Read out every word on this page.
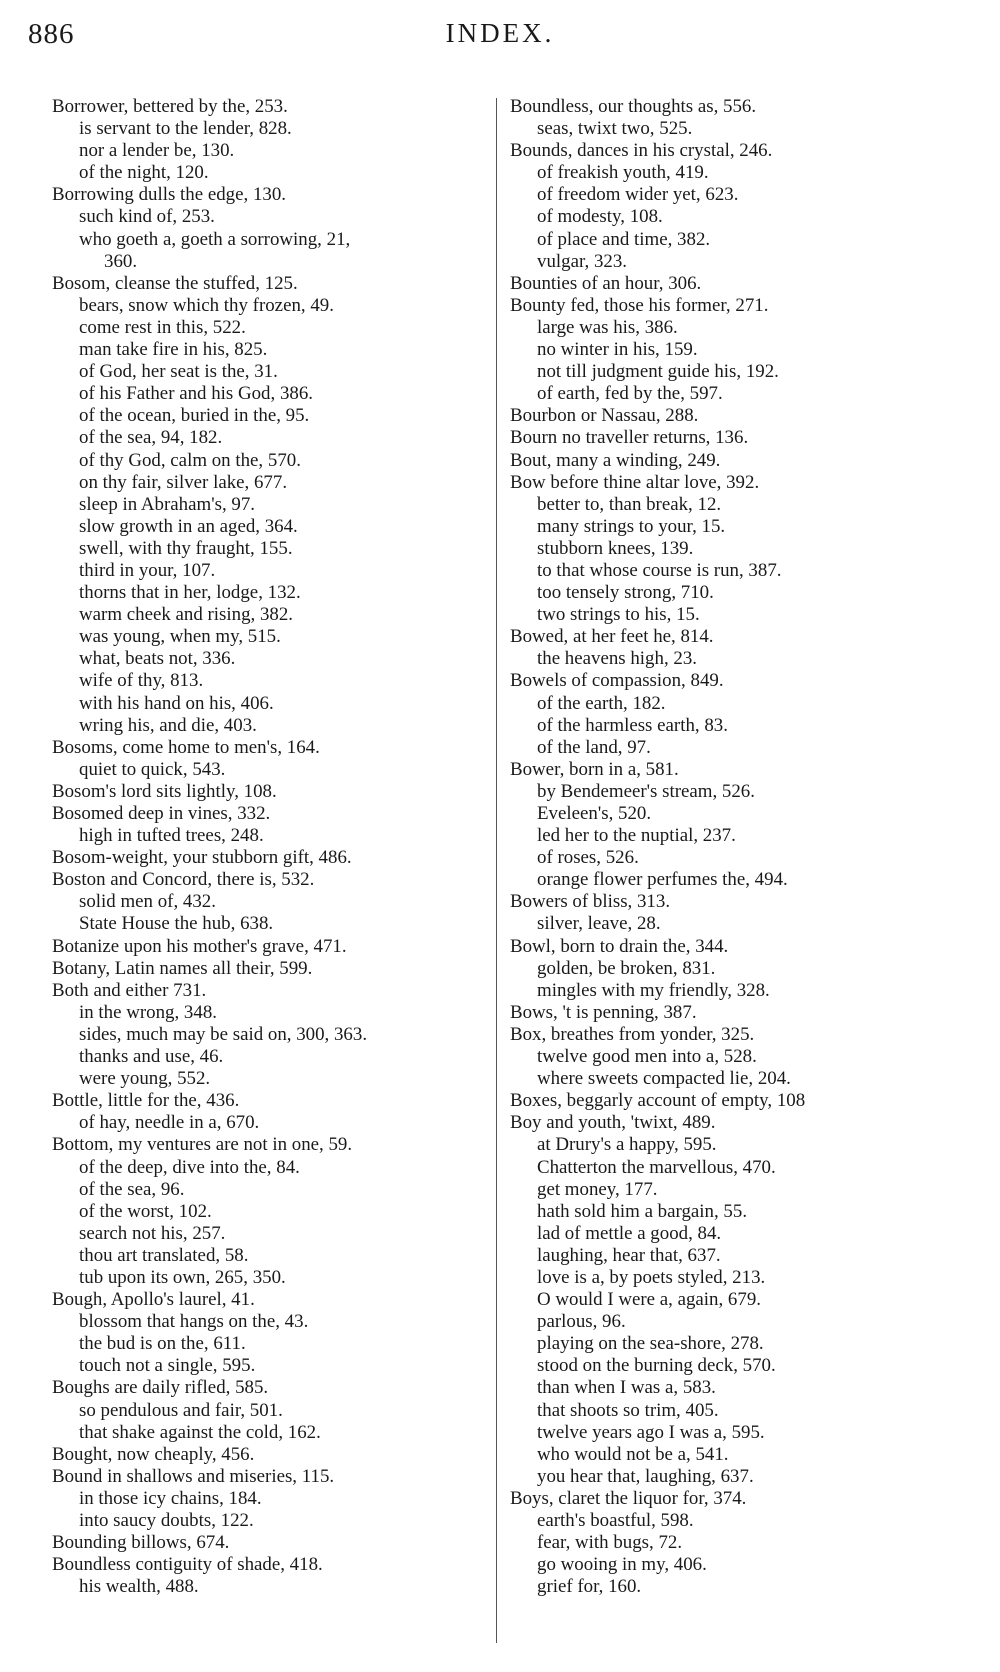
886	INDEX.
Borrower, bettered by the, 253.
is servant to the lender, 828.
nor a lender be, 130.
of the night, 120.
Borrowing dulls the edge, 130.
such kind of, 253.
who goeth a, goeth a sorrowing, 21,
360.
Bosom, cleanse the stuffed, 125.
bears, snow which thy frozen, 49.
come rest in this, 522.
man take fire in his, 825.
of God, her seat is the, 31.
of his Father and his God, 386.
of the ocean, buried in the, 95.
of the sea, 94, 182.
of thy God, calm on the, 570.
on thy fair, silver lake, 677.
sleep in Abraham's, 97.
slow growth in an aged, 364.
swell, with thy fraught, 155.
third in your, 107.
thorns that in her, lodge, 132.
warm cheek and rising, 382.
was young, when my, 515.
what, beats not, 336.
wife of thy, 813.
with his hand on his, 406.
wring his, and die, 403.
Bosoms, come home to men's, 164.
quiet to quick, 543.
Bosom's lord sits lightly, 108.
Bosomed deep in vines, 332.
high in tufted trees, 248.
Bosom-weight, your stubborn gift, 486.
Boston and Concord, there is, 532.
solid men of, 432.
State House the hub, 638.
Botanize upon his mother's grave, 471.
Botany, Latin names all their, 599.
Both and either 731.
in the wrong, 348.
sides, much may be said on, 300, 363.
thanks and use, 46.
were young, 552.
Bottle, little for the, 436.
of hay, needle in a, 670.
Bottom, my ventures are not in one, 59.
of the deep, dive into the, 84.
of the sea, 96.
of the worst, 102.
search not his, 257.
thou art translated, 58.
tub upon its own, 265, 350.
Bough, Apollo's laurel, 41.
blossom that hangs on the, 43.
the bud is on the, 611.
touch not a single, 595.
Boughs are daily rifled, 585.
so pendulous and fair, 501.
that shake against the cold, 162.
Bought, now cheaply, 456.
Bound in shallows and miseries, 115.
in those icy chains, 184.
into saucy doubts, 122.
Bounding billows, 674.
Boundless contiguity of shade, 418.
his wealth, 488.
Boundless, our thoughts as, 556.
seas, twixt two, 525.
Bounds, dances in his crystal, 246.
of freakish youth, 419.
of freedom wider yet, 623.
of modesty, 108.
of place and time, 382.
vulgar, 323.
Bounties of an hour, 306.
Bounty fed, those his former, 271.
large was his, 386.
no winter in his, 159.
not till judgment guide his, 192.
of earth, fed by the, 597.
Bourbon or Nassau, 288.
Bourn no traveller returns, 136.
Bout, many a winding, 249.
Bow before thine altar love, 392.
better to, than break, 12.
many strings to your, 15.
stubborn knees, 139.
to that whose course is run, 387.
too tensely strong, 710.
two strings to his, 15.
Bowed, at her feet he, 814.
the heavens high, 23.
Bowels of compassion, 849.
of the earth, 182.
of the harmless earth, 83.
of the land, 97.
Bower, born in a, 581.
by Bendemeer's stream, 526.
Eveleen's, 520.
led her to the nuptial, 237.
of roses, 526.
orange flower perfumes the, 494.
Bowers of bliss, 313.
silver, leave, 28.
Bowl, born to drain the, 344.
golden, be broken, 831.
mingles with my friendly, 328.
Bows, 't is penning, 387.
Box, breathes from yonder, 325.
twelve good men into a, 528.
where sweets compacted lie, 204.
Boxes, beggarly account of empty, 108
Boy and youth, 'twixt, 489.
at Drury's a happy, 595.
Chatterton the marvellous, 470.
get money, 177.
hath sold him a bargain, 55.
lad of mettle a good, 84.
laughing, hear that, 637.
love is a, by poets styled, 213.
O would I were a, again, 679.
parlous, 96.
playing on the sea-shore, 278.
stood on the burning deck, 570.
than when I was a, 583.
that shoots so trim, 405.
twelve years ago I was a, 595.
who would not be a, 541.
you hear that, laughing, 637.
Boys, claret the liquor for, 374.
earth's boastful, 598.
fear, with bugs, 72.
go wooing in my, 406.
grief for, 160.
